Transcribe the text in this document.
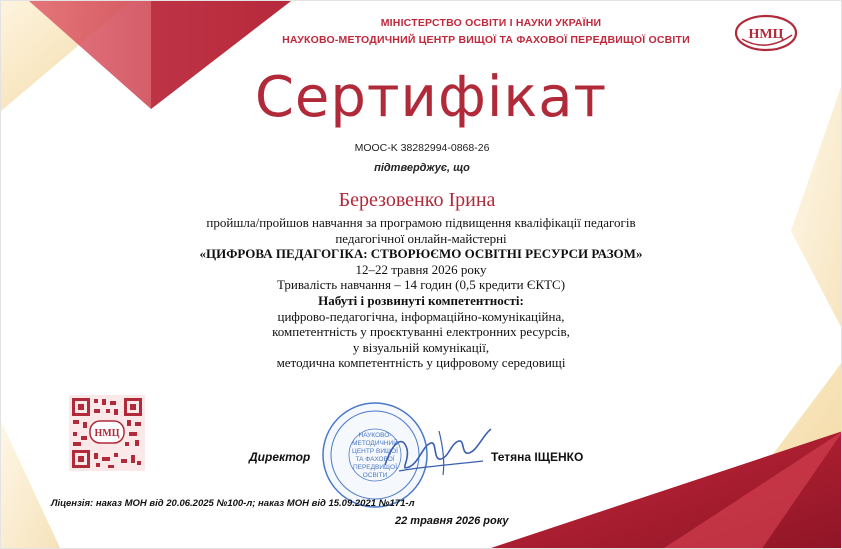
МІНІСТЕРСТВО ОСВІТИ І НАУКИ УКРАЇНИ
НАУКОВО-МЕТОДИЧНИЙ ЦЕНТР ВИЩОЇ ТА ФАХОВОЇ ПЕРЕДВИЩОЇ ОСВІТИ	НМЦ
Сертифікат
MOOC-K 38282994-0868-26
підтверджує, що
Березовенко Ірина
пройшла/пройшов навчання за програмою підвищення кваліфікації педагогів
педагогічної онлайн-майстерні
«ЦИФРОВА ПЕДАГОГІКА: СТВОРЮЄМО ОСВІТНІ РЕСУРСИ РАЗОМ»
12–22 травня 2026 року
Тривалість навчання – 14 годин (0,5 кредити ЄКТС)
Набуті і розвинуті компетентності:
цифрово-педагогічна, інформаційно-комунікаційна,
компетентність у проєктуванні електронних ресурсів,
у візуальній комунікації,
методична компетентність у цифровому середовищі
НМЦ
Директор
НАУКОВО-
МЕТОДИЧНИЙ
ЦЕНТР ВИЩОЇ
ТА ФАХОВОЇ
ПЕРЕДВИЩОЇ
ОСВІТИ
Тетяна ІЩЕНКО
Ліцензія: наказ МОН від 20.06.2025 №100-л; наказ МОН від 15.09.2021 №171-л
22 травня 2026 року
